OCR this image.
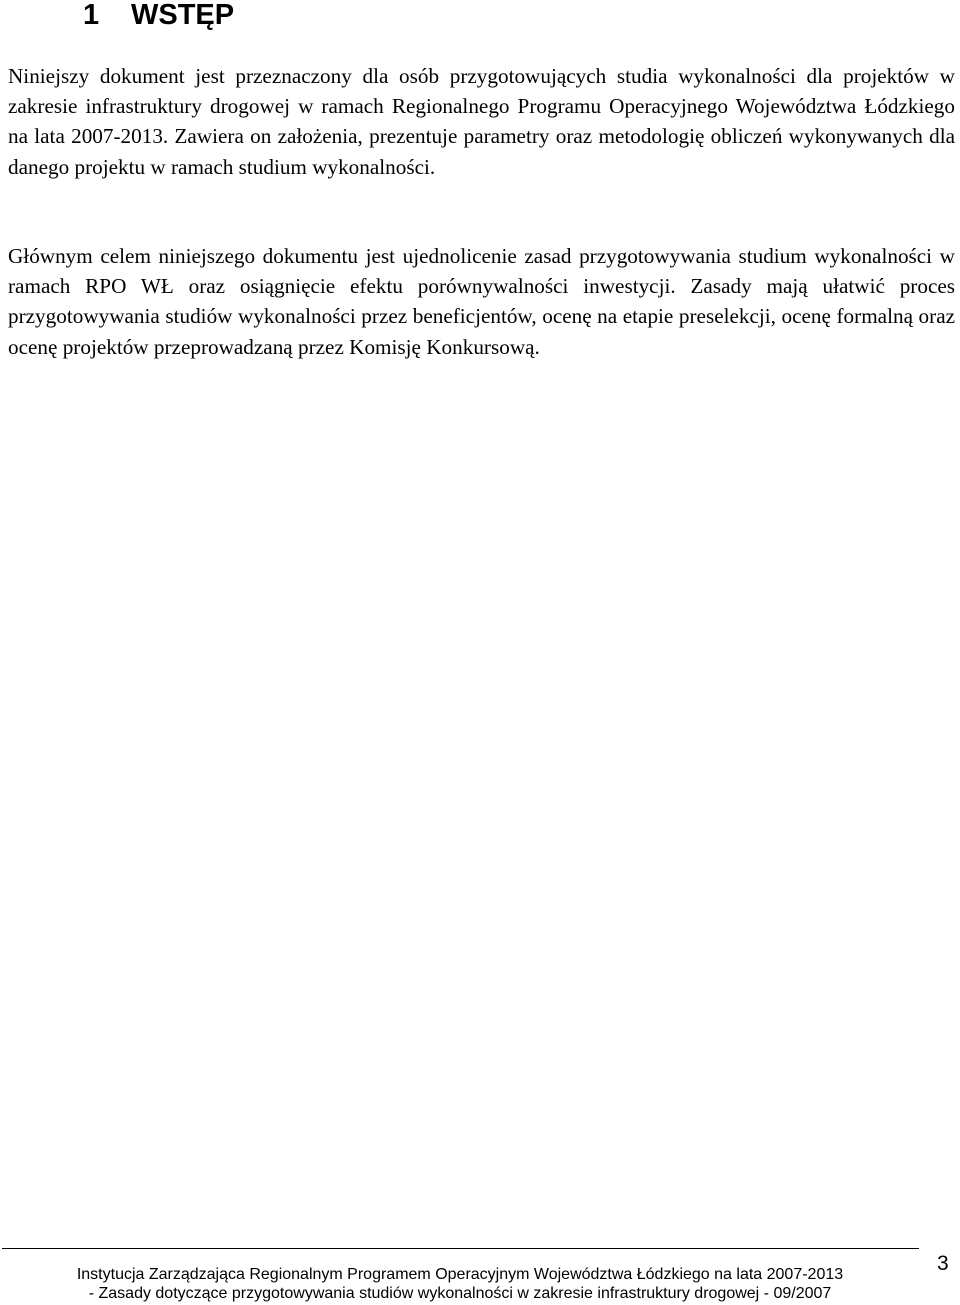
1 WSTĘP

Niniejszy dokument jest przeznaczony dla osób przygotowujących studia wykonalności dla projektów w zakresie infrastruktury drogowej w ramach Regionalnego Programu Operacyjnego Województwa Łódzkiego na lata 2007-2013. Zawiera on założenia, prezentuje parametry oraz metodologię obliczeń wykonywanych dla danego projektu w ramach studium wykonalności.

Głównym celem niniejszego dokumentu jest ujednolicenie zasad przygotowywania studium wykonalności w ramach RPO WŁ oraz osiągnięcie efektu porównywalności inwestycji. Zasady mają ułatwić proces przygotowywania studiów wykonalności przez beneficjentów, ocenę na etapie preselekcji, ocenę formalną oraz ocenę projektów przeprowadzaną przez Komisję Konkursową.

Instytucja Zarządzająca Regionalnym Programem Operacyjnym Województwa Łódzkiego na lata 2007-2013

- Zasady dotyczące przygotowywania studiów wykonalności w zakresie infrastruktury drogowej - 09/2007

3
